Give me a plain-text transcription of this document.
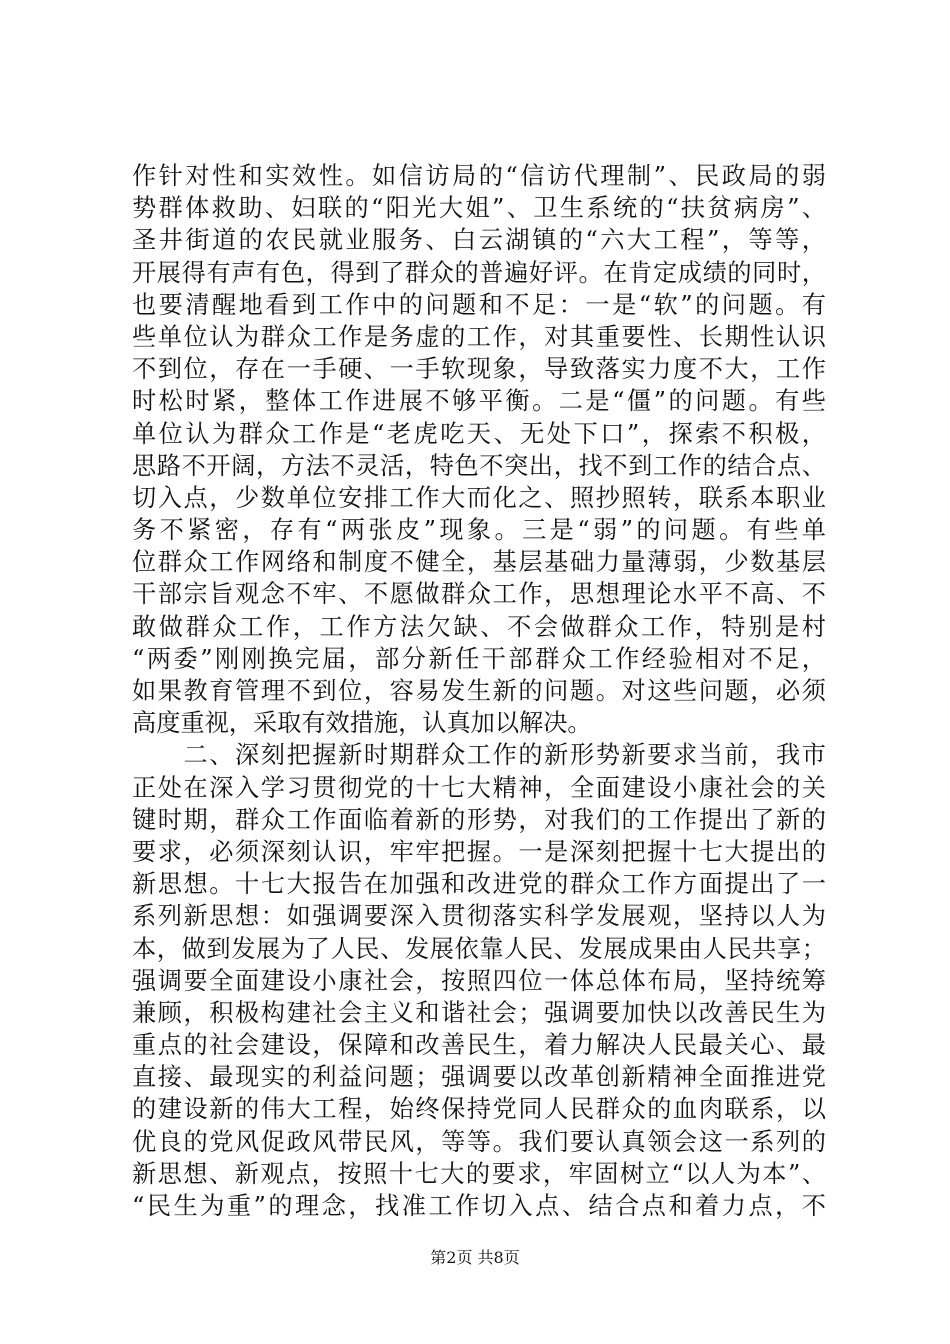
作针对性和实效性。如信访局的“信访代理制”、民政局的弱
势群体救助、妇联的“阳光大姐”、卫生系统的“扶贫病房”、
圣井街道的农民就业服务、白云湖镇的“六大工程”，等等，
开展得有声有色，得到了群众的普遍好评。在肯定成绩的同时，
也要清醒地看到工作中的问题和不足：一是“软”的问题。有
些单位认为群众工作是务虚的工作，对其重要性、长期性认识
不到位，存在一手硬、一手软现象，导致落实力度不大，工作
时松时紧，整体工作进展不够平衡。二是“僵”的问题。有些
单位认为群众工作是“老虎吃天、无处下口”，探索不积极，
思路不开阔，方法不灵活，特色不突出，找不到工作的结合点、
切入点，少数单位安排工作大而化之、照抄照转，联系本职业
务不紧密，存有“两张皮”现象。三是“弱”的问题。有些单
位群众工作网络和制度不健全，基层基础力量薄弱，少数基层
干部宗旨观念不牢、不愿做群众工作，思想理论水平不高、不
敢做群众工作，工作方法欠缺、不会做群众工作，特别是村
“两委”刚刚换完届，部分新任干部群众工作经验相对不足，
如果教育管理不到位，容易发生新的问题。对这些问题，必须
高度重视，采取有效措施，认真加以解决。
　　二、深刻把握新时期群众工作的新形势新要求当前，我市
正处在深入学习贯彻党的十七大精神，全面建设小康社会的关
键时期，群众工作面临着新的形势，对我们的工作提出了新的
要求，必须深刻认识，牢牢把握。一是深刻把握十七大提出的
新思想。十七大报告在加强和改进党的群众工作方面提出了一
系列新思想：如强调要深入贯彻落实科学发展观，坚持以人为
本，做到发展为了人民、发展依靠人民、发展成果由人民共享；
强调要全面建设小康社会，按照四位一体总体布局，坚持统筹
兼顾，积极构建社会主义和谐社会；强调要加快以改善民生为
重点的社会建设，保障和改善民生，着力解决人民最关心、最
直接、最现实的利益问题；强调要以改革创新精神全面推进党
的建设新的伟大工程，始终保持党同人民群众的血肉联系，以
优良的党风促政风带民风，等等。我们要认真领会这一系列的
新思想、新观点，按照十七大的要求，牢固树立“以人为本”、
“民生为重”的理念，找准工作切入点、结合点和着力点，不
第2页 共8页
